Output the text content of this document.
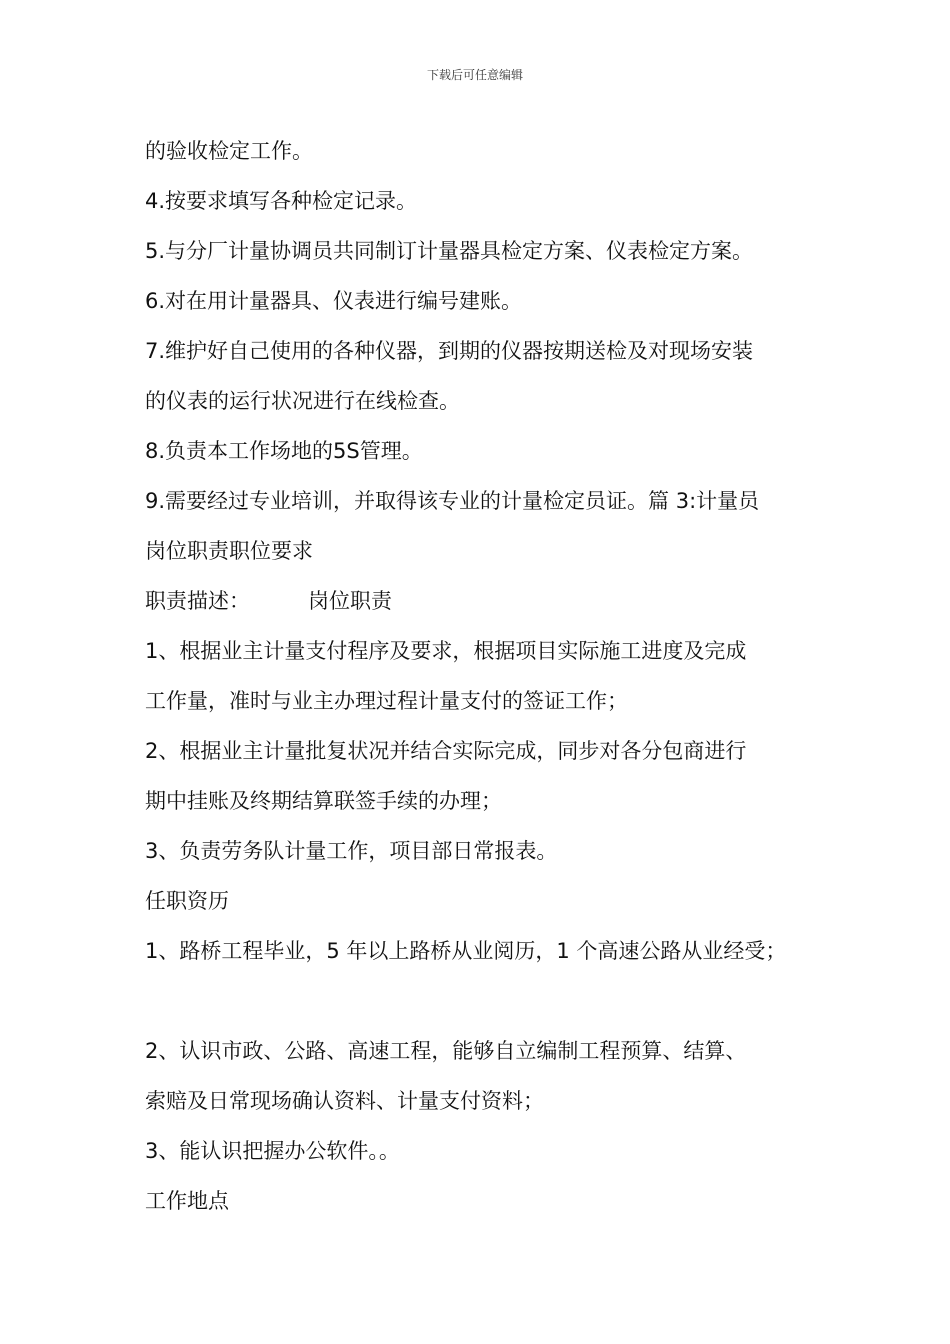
下载后可任意编辑
的验收检定工作。
4.按要求填写各种检定记录。
5.与分厂计量协调员共同制订计量器具检定方案、仪表检定方案。
6.对在用计量器具、仪表进行编号建账。
7.维护好自己使用的各种仪器，到期的仪器按期送检及对现场安装
的仪表的运行状况进行在线检查。
8.负责本工作场地的5S管理。
9.需要经过专业培训，并取得该专业的计量检定员证。篇 3:计量员
岗位职责职位要求
职责描述：	岗位职责
1、根据业主计量支付程序及要求，根据项目实际施工进度及完成
工作量，准时与业主办理过程计量支付的签证工作；
2、根据业主计量批复状况并结合实际完成，同步对各分包商进行
期中挂账及终期结算联签手续的办理；
3、负责劳务队计量工作，项目部日常报表。
任职资历
1、路桥工程毕业，5 年以上路桥从业阅历，1 个高速公路从业经受；
2、认识市政、公路、高速工程，能够自立编制工程预算、结算、
索赔及日常现场确认资料、计量支付资料；
3、能认识把握办公软件。。
工作地点
